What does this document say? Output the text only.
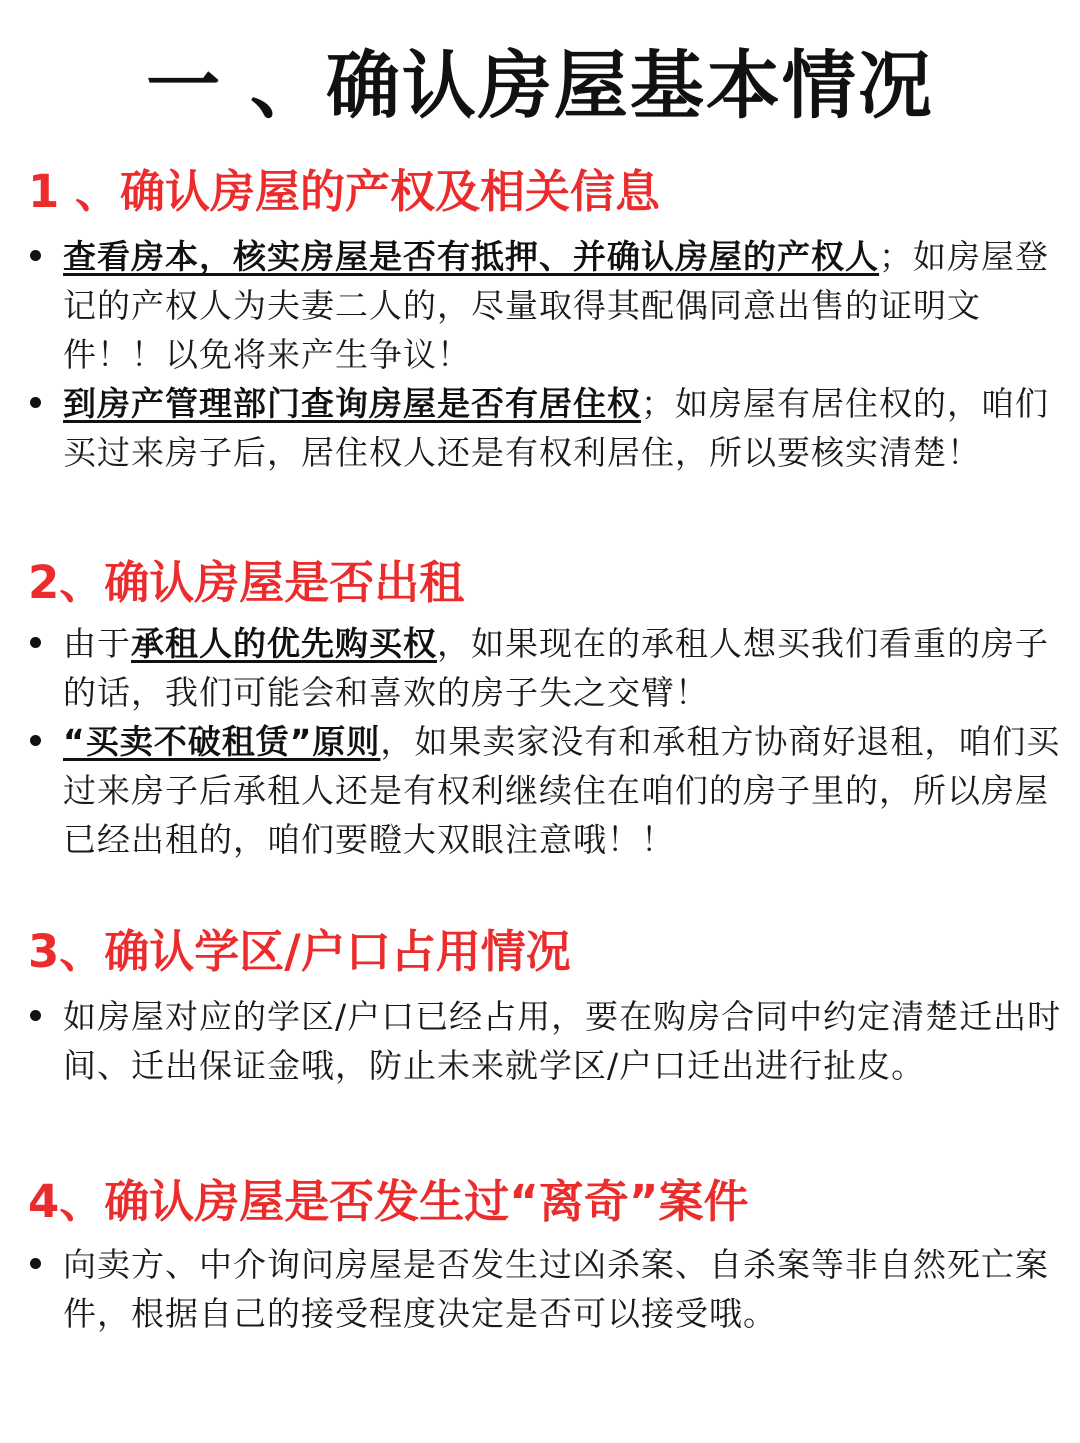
一 、确认房屋基本情况
1 、确认房屋的产权及相关信息
查看房本，核实房屋是否有抵押、并确认房屋的产权人；如房屋登记的产权人为夫妻二人的，尽量取得其配偶同意出售的证明文件！！以免将来产生争议！
到房产管理部门查询房屋是否有居住权；如房屋有居住权的，咱们买过来房子后，居住权人还是有权利居住，所以要核实清楚！
2、确认房屋是否出租
由于承租人的优先购买权，如果现在的承租人想买我们看重的房子的话，我们可能会和喜欢的房子失之交臂！
“买卖不破租赁”原则，如果卖家没有和承租方协商好退租，咱们买过来房子后承租人还是有权利继续住在咱们的房子里的，所以房屋已经出租的，咱们要瞪大双眼注意哦！！
3、确认学区/户口占用情况
如房屋对应的学区/户口已经占用，要在购房合同中约定清楚迁出时间、迁出保证金哦，防止未来就学区/户口迁出进行扯皮。
4、确认房屋是否发生过“离奇”案件
向卖方、中介询问房屋是否发生过凶杀案、自杀案等非自然死亡案件，根据自己的接受程度决定是否可以接受哦。
